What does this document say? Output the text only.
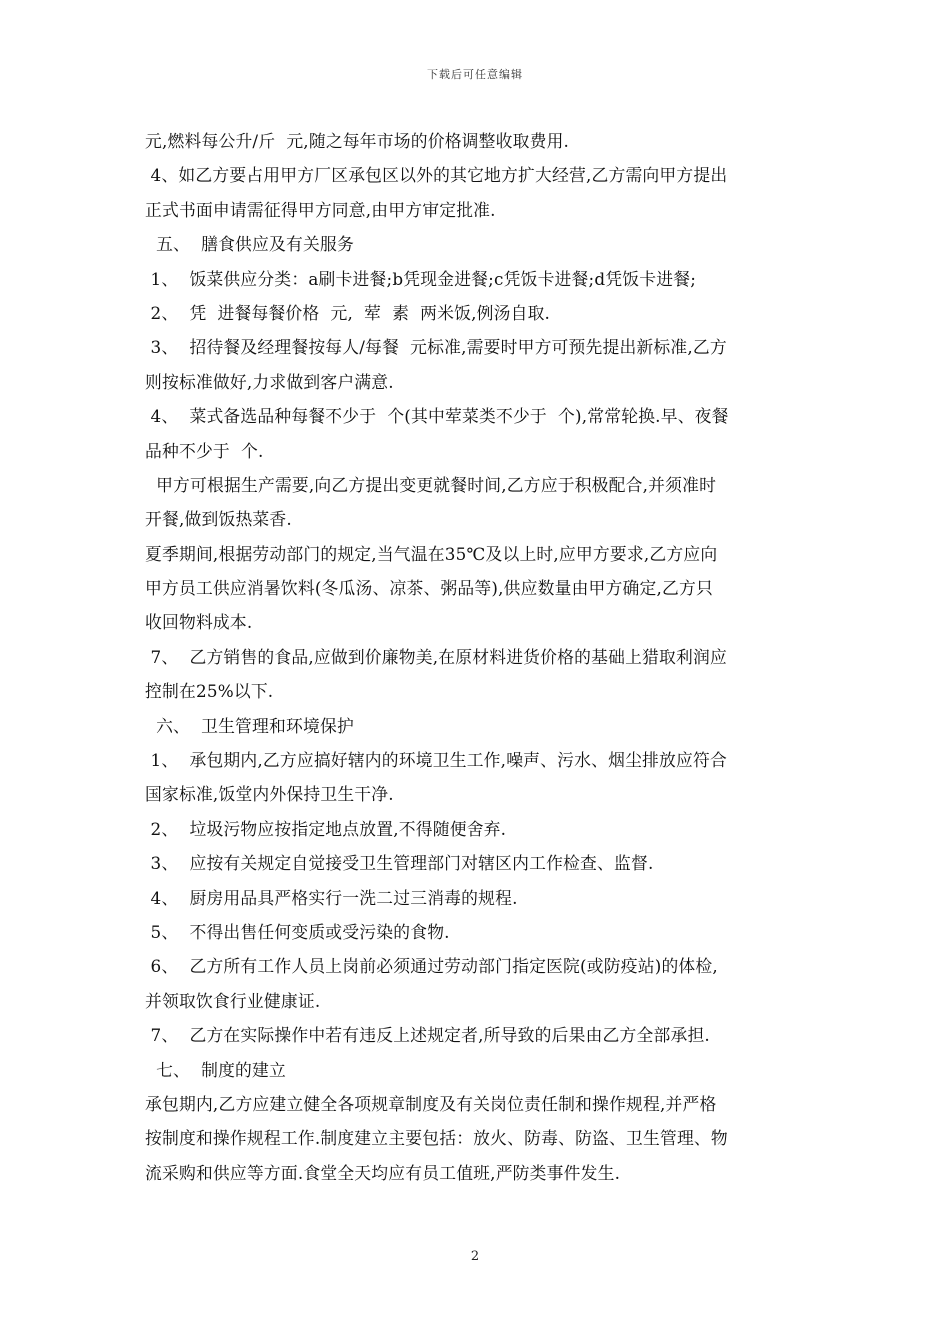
下载后可任意编辑
元,燃料每公升/斤  元,随之每年市场的价格调整收取费用.
4、如乙方要占用甲方厂区承包区以外的其它地方扩大经营,乙方需向甲方提出
正式书面申请需征得甲方同意,由甲方审定批准.
五、  膳食供应及有关服务
1、  饭菜供应分类：a刷卡进餐;b凭现金进餐;c凭饭卡进餐;d凭饭卡进餐;
2、  凭  进餐每餐价格  元,  荤  素  两米饭,例汤自取.
3、  招待餐及经理餐按每人/每餐  元标准,需要时甲方可预先提出新标准,乙方
则按标准做好,力求做到客户满意.
4、  菜式备选品种每餐不少于  个(其中荤菜类不少于  个),常常轮换.早、夜餐
品种不少于  个.
甲方可根据生产需要,向乙方提出变更就餐时间,乙方应于积极配合,并须准时
开餐,做到饭热菜香.
夏季期间,根据劳动部门的规定,当气温在35℃及以上时,应甲方要求,乙方应向
甲方员工供应消暑饮料(冬瓜汤、凉茶、粥品等),供应数量由甲方确定,乙方只
收回物料成本.
7、  乙方销售的食品,应做到价廉物美,在原材料进货价格的基础上猎取利润应
控制在25%以下.
六、  卫生管理和环境保护
1、  承包期内,乙方应搞好辖内的环境卫生工作,噪声、污水、烟尘排放应符合
国家标准,饭堂内外保持卫生干净.
2、  垃圾污物应按指定地点放置,不得随便舍弃.
3、  应按有关规定自觉接受卫生管理部门对辖区内工作检查、监督.
4、  厨房用品具严格实行一洗二过三消毒的规程.
5、  不得出售任何变质或受污染的食物.
6、  乙方所有工作人员上岗前必须通过劳动部门指定医院(或防疫站)的体检,
并领取饮食行业健康证.
7、  乙方在实际操作中若有违反上述规定者,所导致的后果由乙方全部承担.
七、  制度的建立
承包期内,乙方应建立健全各项规章制度及有关岗位责任制和操作规程,并严格
按制度和操作规程工作.制度建立主要包括：放火、防毒、防盗、卫生管理、物
流采购和供应等方面.食堂全天均应有员工值班,严防类事件发生.
2
